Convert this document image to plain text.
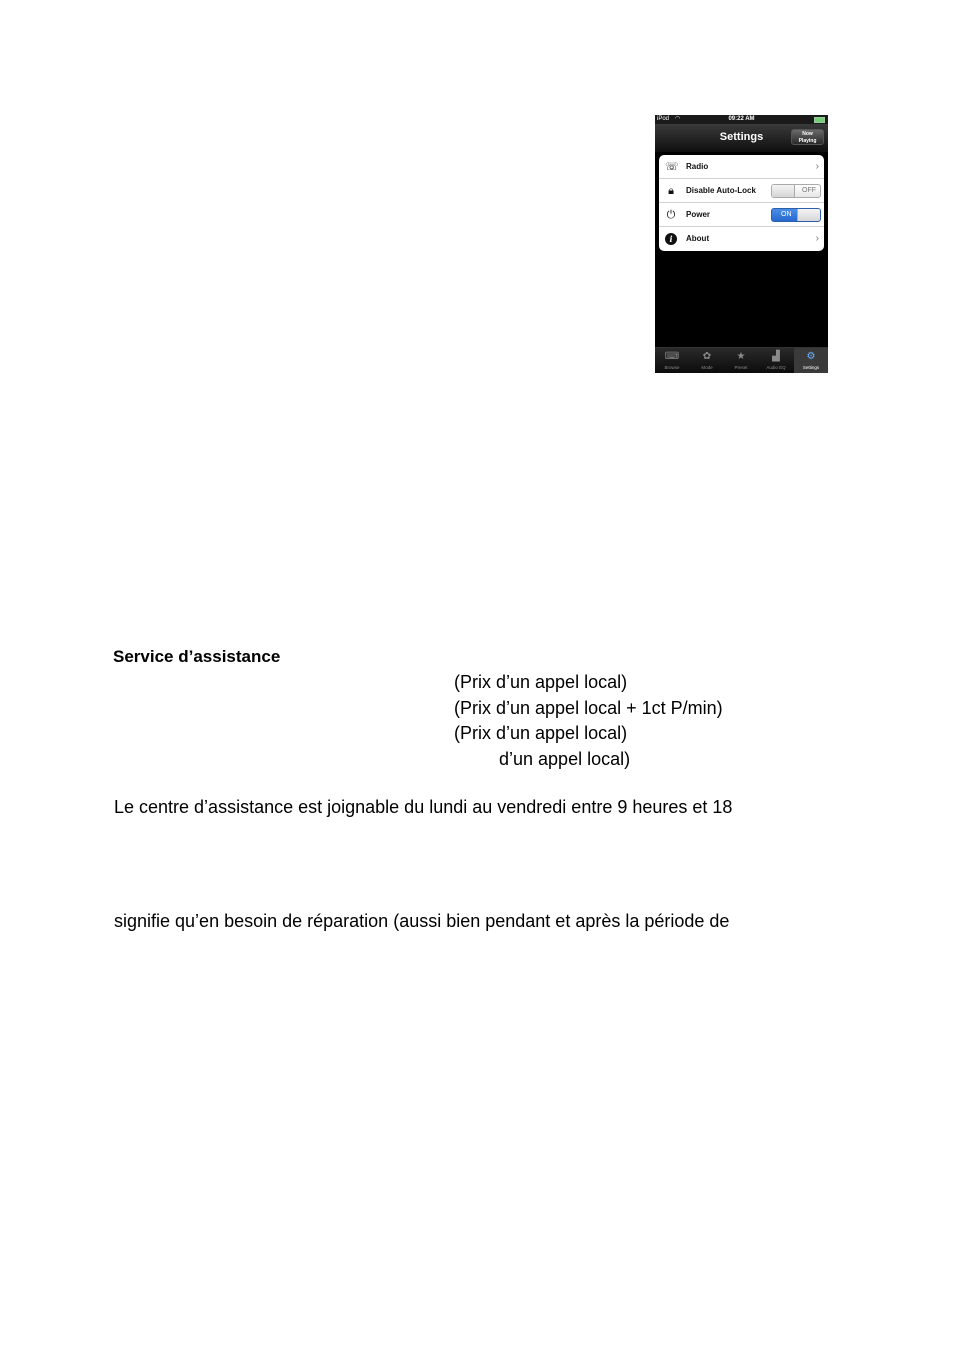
iPod ◠	09:22 AM
Settings	Now
Playing
☏ Radio	›
🔒︎	Disable Auto-Lock	OFF
⏻ Power	ON
i	About	›
⌨
Browse
✿
Mode
★
Preset
▟
Audio EQ
⚙
Settings
Service d’assistance
(Prix d’un appel local)
(Prix d’un appel local + 1ct P/min)
(Prix d’un appel local)
d’un appel local)
Le centre d’assistance est joignable du lundi au vendredi entre 9 heures et 18
signifie qu’en besoin de réparation (aussi bien pendant et après la période de
